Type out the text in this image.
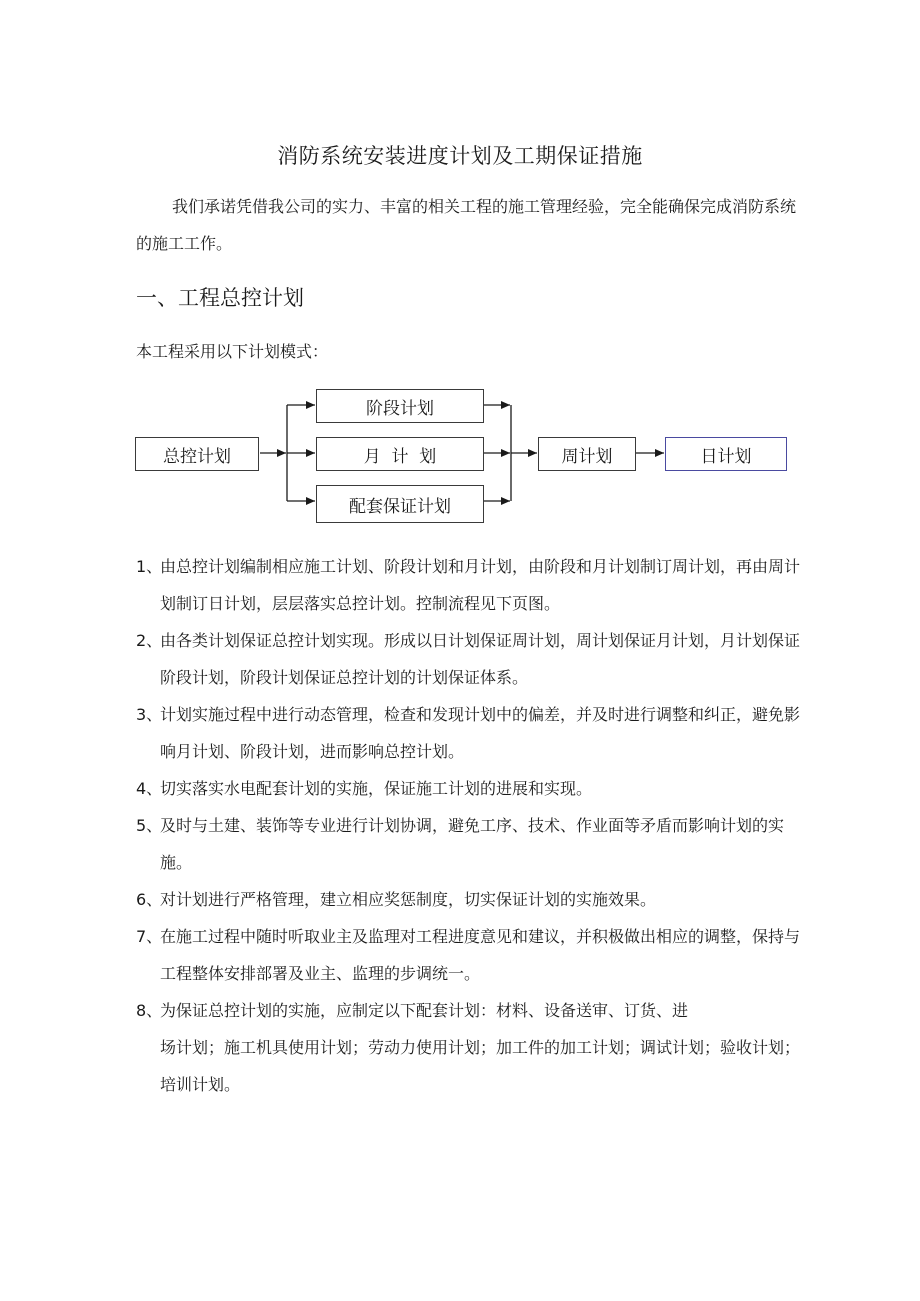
消防系统安装进度计划及工期保证措施

我们承诺凭借我公司的实力、丰富的相关工程的施工管理经验，完全能确保完成消防系统的施工工作。

一、工程总控计划

本工程采用以下计划模式：

总控计划
阶段计划
月  计  划
配套保证计划
周计划	日计划
1、
由总控计划编制相应施工计划、阶段计划和月计划，由阶段和月计划制订周计划，再由周计划制订日计划，层层落实总控计划。控制流程见下页图。
2、
由各类计划保证总控计划实现。形成以日计划保证周计划，周计划保证月计划，月计划保证阶段计划，阶段计划保证总控计划的计划保证体系。
3、
计划实施过程中进行动态管理，检查和发现计划中的偏差，并及时进行调整和纠正，避免影响月计划、阶段计划，进而影响总控计划。
4、
切实落实水电配套计划的实施，保证施工计划的进展和实现。
5、
及时与土建、装饰等专业进行计划协调，避免工序、技术、作业面等矛盾而影响计划的实施。
6、
对计划进行严格管理，建立相应奖惩制度，切实保证计划的实施效果。
7、
在施工过程中随时听取业主及监理对工程进度意见和建议，并积极做出相应的调整，保持与工程整体安排部署及业主、监理的步调统一。
8、
为保证总控计划的实施，应制定以下配套计划：材料、设备送审、订货、进
场计划；施工机具使用计划；劳动力使用计划；加工件的加工计划；调试计划；验收计划；培训计划。
